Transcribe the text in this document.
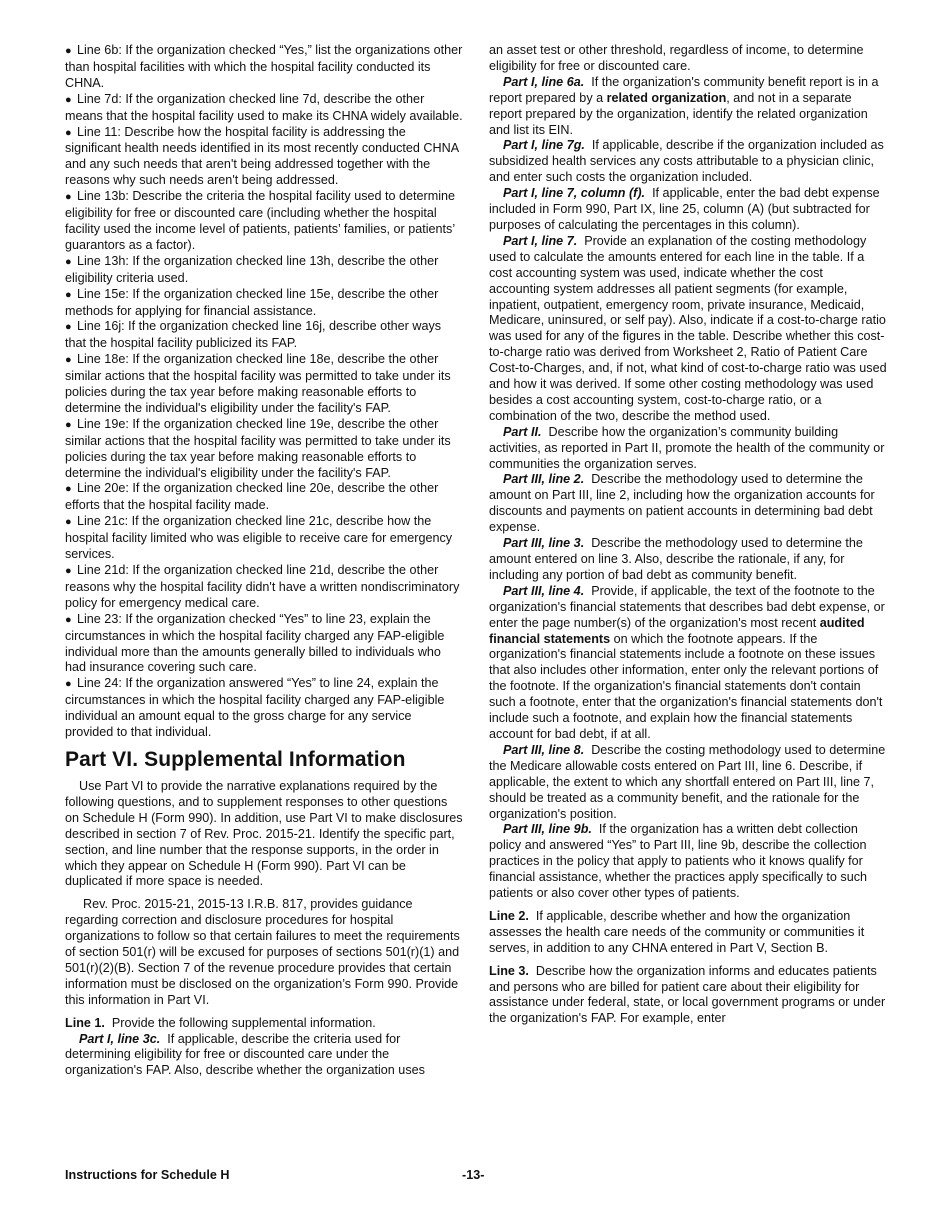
● Line 6b: If the organization checked “Yes,” list the organizations other than hospital facilities with which the hospital facility conducted its CHNA.
● Line 7d: If the organization checked line 7d, describe the other means that the hospital facility used to make its CHNA widely available.
● Line 11: Describe how the hospital facility is addressing the significant health needs identified in its most recently conducted CHNA and any such needs that aren't being addressed together with the reasons why such needs aren't being addressed.
● Line 13b: Describe the criteria the hospital facility used to determine eligibility for free or discounted care (including whether the hospital facility used the income level of patients, patients’ families, or patients’ guarantors as a factor).
● Line 13h: If the organization checked line 13h, describe the other eligibility criteria used.
● Line 15e: If the organization checked line 15e, describe the other methods for applying for financial assistance.
● Line 16j: If the organization checked line 16j, describe other ways that the hospital facility publicized its FAP.
● Line 18e: If the organization checked line 18e, describe the other similar actions that the hospital facility was permitted to take under its policies during the tax year before making reasonable efforts to determine the individual's eligibility under the facility's FAP.
● Line 19e: If the organization checked line 19e, describe the other similar actions that the hospital facility was permitted to take under its policies during the tax year before making reasonable efforts to determine the individual's eligibility under the facility's FAP.
● Line 20e: If the organization checked line 20e, describe the other efforts that the hospital facility made.
● Line 21c: If the organization checked line 21c, describe how the hospital facility limited who was eligible to receive care for emergency services.
● Line 21d: If the organization checked line 21d, describe the other reasons why the hospital facility didn't have a written nondiscriminatory policy for emergency medical care.
● Line 23: If the organization checked “Yes” to line 23, explain the circumstances in which the hospital facility charged any FAP-eligible individual more than the amounts generally billed to individuals who had insurance covering such care.
● Line 24: If the organization answered “Yes” to line 24, explain the circumstances in which the hospital facility charged any FAP-eligible individual an amount equal to the gross charge for any service provided to that individual.
Part VI. Supplemental Information

Use Part VI to provide the narrative explanations required by the following questions, and to supplement responses to other questions on Schedule H (Form 990). In addition, use Part VI to make disclosures described in section 7 of Rev. Proc. 2015-21. Identify the specific part, section, and line number that the response supports, in the order in which they appear on Schedule H (Form 990). Part VI can be duplicated if more space is needed.

Rev. Proc. 2015-21, 2015-13 I.R.B. 817, provides guidance regarding correction and disclosure procedures for hospital organizations to follow so that certain failures to meet the requirements of section 501(r) will be excused for purposes of sections 501(r)(1) and 501(r)(2)(B). Section 7 of the revenue procedure provides that certain information must be disclosed on the organization’s Form 990. Provide this information in Part VI.

Line 1. Provide the following supplemental information.

Part I, line 3c. If applicable, describe the criteria used for determining eligibility for free or discounted care under the organization's FAP. Also, describe whether the organization uses

an asset test or other threshold, regardless of income, to determine eligibility for free or discounted care.

Part I, line 6a. If the organization's community benefit report is in a report prepared by a related organization, and not in a separate report prepared by the organization, identify the related organization and list its EIN.

Part I, line 7g. If applicable, describe if the organization included as subsidized health services any costs attributable to a physician clinic, and enter such costs the organization included.

Part I, line 7, column (f). If applicable, enter the bad debt expense included in Form 990, Part IX, line 25, column (A) (but subtracted for purposes of calculating the percentages in this column).

Part I, line 7. Provide an explanation of the costing methodology used to calculate the amounts entered for each line in the table. If a cost accounting system was used, indicate whether the cost accounting system addresses all patient segments (for example, inpatient, outpatient, emergency room, private insurance, Medicaid, Medicare, uninsured, or self pay). Also, indicate if a cost-to-charge ratio was used for any of the figures in the table. Describe whether this cost-to-charge ratio was derived from Worksheet 2, Ratio of Patient Care Cost-to-Charges, and, if not, what kind of cost-to-charge ratio was used and how it was derived. If some other costing methodology was used besides a cost accounting system, cost-to-charge ratio, or a combination of the two, describe the method used.

Part II. Describe how the organization’s community building activities, as reported in Part II, promote the health of the community or communities the organization serves.

Part III, line 2. Describe the methodology used to determine the amount on Part III, line 2, including how the organization accounts for discounts and payments on patient accounts in determining bad debt expense.

Part III, line 3. Describe the methodology used to determine the amount entered on line 3. Also, describe the rationale, if any, for including any portion of bad debt as community benefit.

Part III, line 4. Provide, if applicable, the text of the footnote to the organization's financial statements that describes bad debt expense, or enter the page number(s) of the organization's most recent audited financial statements on which the footnote appears. If the organization's financial statements include a footnote on these issues that also includes other information, enter only the relevant portions of the footnote. If the organization's financial statements don't contain such a footnote, enter that the organization's financial statements don't include such a footnote, and explain how the financial statements account for bad debt, if at all.

Part III, line 8. Describe the costing methodology used to determine the Medicare allowable costs entered on Part III, line 6. Describe, if applicable, the extent to which any shortfall entered on Part III, line 7, should be treated as a community benefit, and the rationale for the organization's position.

Part III, line 9b. If the organization has a written debt collection policy and answered “Yes” to Part III, line 9b, describe the collection practices in the policy that apply to patients who it knows qualify for financial assistance, whether the practices apply specifically to such patients or also cover other types of patients.

Line 2. If applicable, describe whether and how the organization assesses the health care needs of the community or communities it serves, in addition to any CHNA entered in Part V, Section B.

Line 3. Describe how the organization informs and educates patients and persons who are billed for patient care about their eligibility for assistance under federal, state, or local government programs or under the organization's FAP. For example, enter

Instructions for Schedule H	-13-
